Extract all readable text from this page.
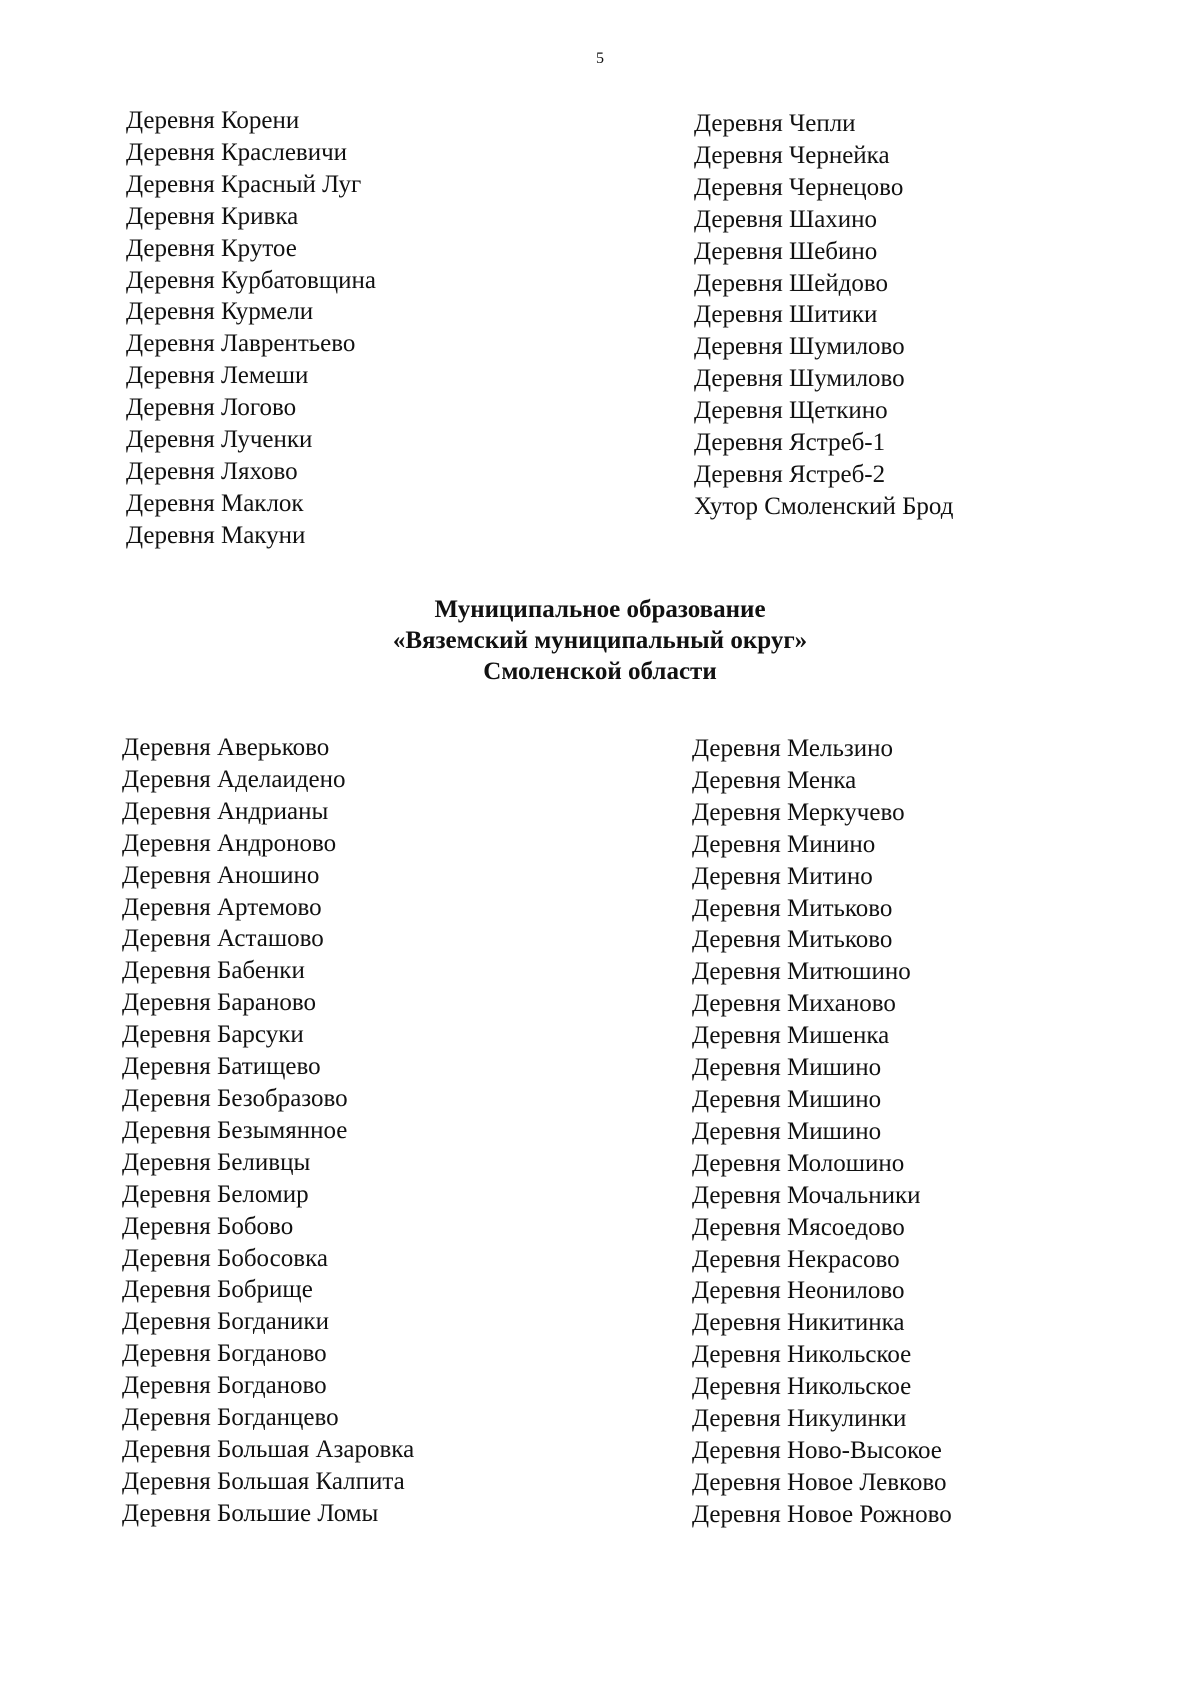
5
Деревня Корени
Деревня Краслевичи
Деревня Красный Луг
Деревня Кривка
Деревня Крутое
Деревня Курбатовщина
Деревня Курмели
Деревня Лаврентьево
Деревня Лемеши
Деревня Логово
Деревня Лученки
Деревня Ляхово
Деревня Маклок
Деревня Макуни
Деревня Чепли
Деревня Чернейка
Деревня Чернецово
Деревня Шахино
Деревня Шебино
Деревня Шейдово
Деревня Шитики
Деревня Шумилово
Деревня Шумилово
Деревня Щеткино
Деревня Ястреб-1
Деревня Ястреб-2
Хутор Смоленский Брод
Муниципальное образование
«Вяземский муниципальный округ»
Смоленской области
Деревня Аверьково
Деревня Аделаидено
Деревня Андрианы
Деревня Андроново
Деревня Аношино
Деревня Артемово
Деревня Асташово
Деревня Бабенки
Деревня Бараново
Деревня Барсуки
Деревня Батищево
Деревня Безобразово
Деревня Безымянное
Деревня Беливцы
Деревня Беломир
Деревня Бобово
Деревня Бобосовка
Деревня Бобрище
Деревня Богданики
Деревня Богданово
Деревня Богданово
Деревня Богданцево
Деревня Большая Азаровка
Деревня Большая Калпита
Деревня Большие Ломы
Деревня Мельзино
Деревня Менка
Деревня Меркучево
Деревня Минино
Деревня Митино
Деревня Митьково
Деревня Митьково
Деревня Митюшино
Деревня Миханово
Деревня Мишенка
Деревня Мишино
Деревня Мишино
Деревня Мишино
Деревня Молошино
Деревня Мочальники
Деревня Мясоедово
Деревня Некрасово
Деревня Неонилово
Деревня Никитинка
Деревня Никольское
Деревня Никольское
Деревня Никулинки
Деревня Ново-Высокое
Деревня Новое Левково
Деревня Новое Рожново
